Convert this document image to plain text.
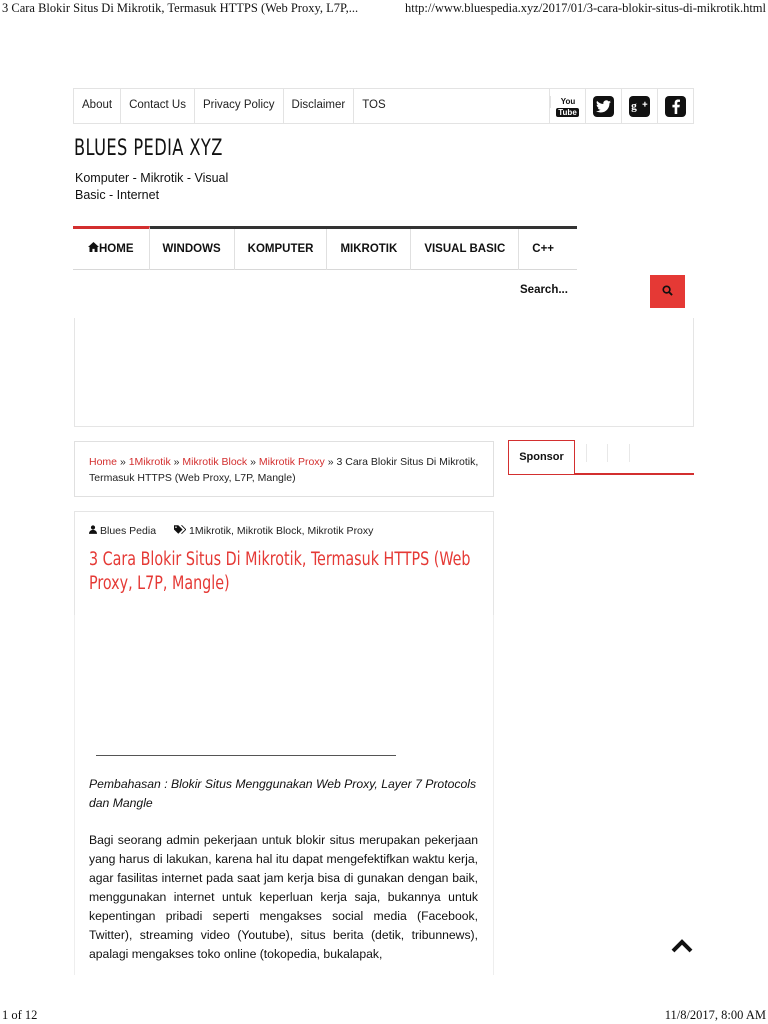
3 Cara Blokir Situs Di Mikrotik, Termasuk HTTPS (Web Proxy, L7P,...	http://www.bluespedia.xyz/2017/01/3-cara-blokir-situs-di-mikrotik.html
About	Contact Us	Privacy Policy	Disclaimer	TOS	You
Tube	g
BLUES PEDIA XYZ
Komputer - Mikrotik - Visual Basic - Internet
HOME	WINDOWS	KOMPUTER	MIKROTIK	VISUAL BASIC	C++
Search...
Home » 1Mikrotik » Mikrotik Block » Mikrotik Proxy » 3 Cara Blokir Situs Di Mikrotik, Termasuk HTTPS (Web Proxy, L7P, Mangle)
Sponsor
Blues Pedia	1Mikrotik, Mikrotik Block, Mikrotik Proxy
3 Cara Blokir Situs Di Mikrotik, Termasuk HTTPS (Web Proxy, L7P, Mangle)

Pembahasan : Blokir Situs Menggunakan Web Proxy, Layer 7 Protocols dan Mangle

Bagi seorang admin pekerjaan untuk blokir situs merupakan pekerjaan yang harus di lakukan, karena hal itu dapat mengefektifkan waktu kerja, agar fasilitas internet pada saat jam kerja bisa di gunakan dengan baik, menggunakan internet untuk keperluan kerja saja, bukannya untuk kepentingan pribadi seperti mengakses social media (Facebook, Twitter), streaming video (Youtube), situs berita (detik, tribunnews), apalagi mengakses toko online (tokopedia, bukalapak,

1 of 12	11/8/2017, 8:00 AM
